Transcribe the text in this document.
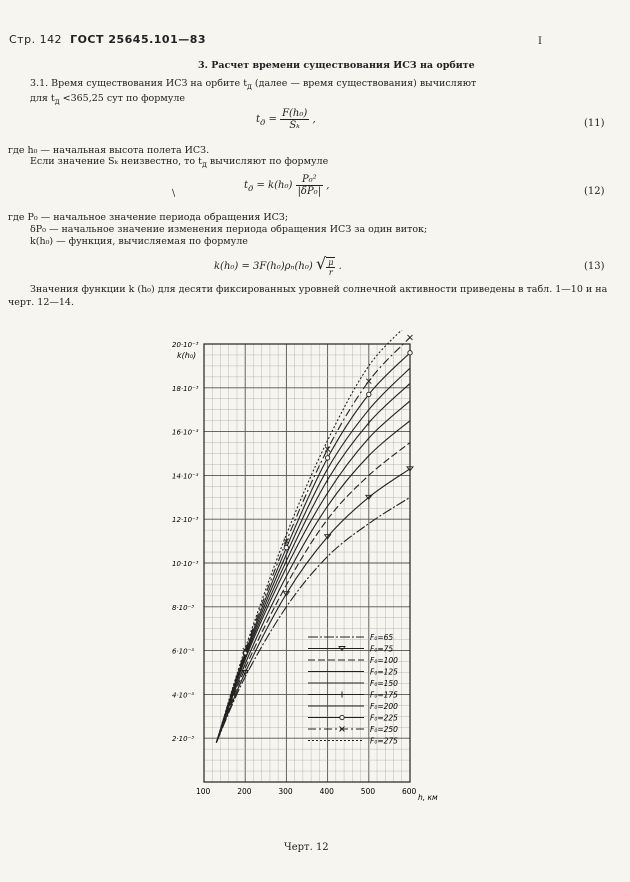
Стр. 142 ГОСТ 25645.101—83	I
3. Расчет времени существования ИСЗ на орбите
3.1. Время существования ИСЗ на орбите $t_д$ (далее — время существования) вычисляют
для $t_д <365,25$ сут по формуле
$t_д = \frac{\text{F(h₀)}}{\text{Sₖ}}$ ,	(11)
где h₀ — начальная высота полета ИСЗ.
Если значение Sₖ неизвестно, то $t_д$ вычисляют по формуле
\
$t_д = k(h_0) \frac{\text{P₀²}}{\text{|δP₀|}}$ ,
(12)
где P₀ — начальное значение периода обращения ИСЗ;
δP₀ — начальное значение изменения периода обращения ИСЗ за один виток;
k(h₀) — функция, вычисляемая по формуле
k(h₀) = 3F(h₀)ρₙ(h₀) √ $\frac{\mu}{r}$ .	(13)
Значения функции k (h₀) для десяти фиксированных уровней солнечной активности приведены в табл. 1—10 и на
черт. 12—14.
100	200	300	400	500	600
2·10⁻³
4·10⁻³
6·10⁻³
8·10⁻³
10·10⁻³
12·10⁻³
14·10⁻³
16·10⁻³
18·10⁻³
20·10⁻³
k(h₀)
h, км
F₀=65
F₀=75
F₀=100
F₀=125
F₀=150
F₀=175
F₀=200
F₀=225
F₀=250
F₀=275
Черт. 12
